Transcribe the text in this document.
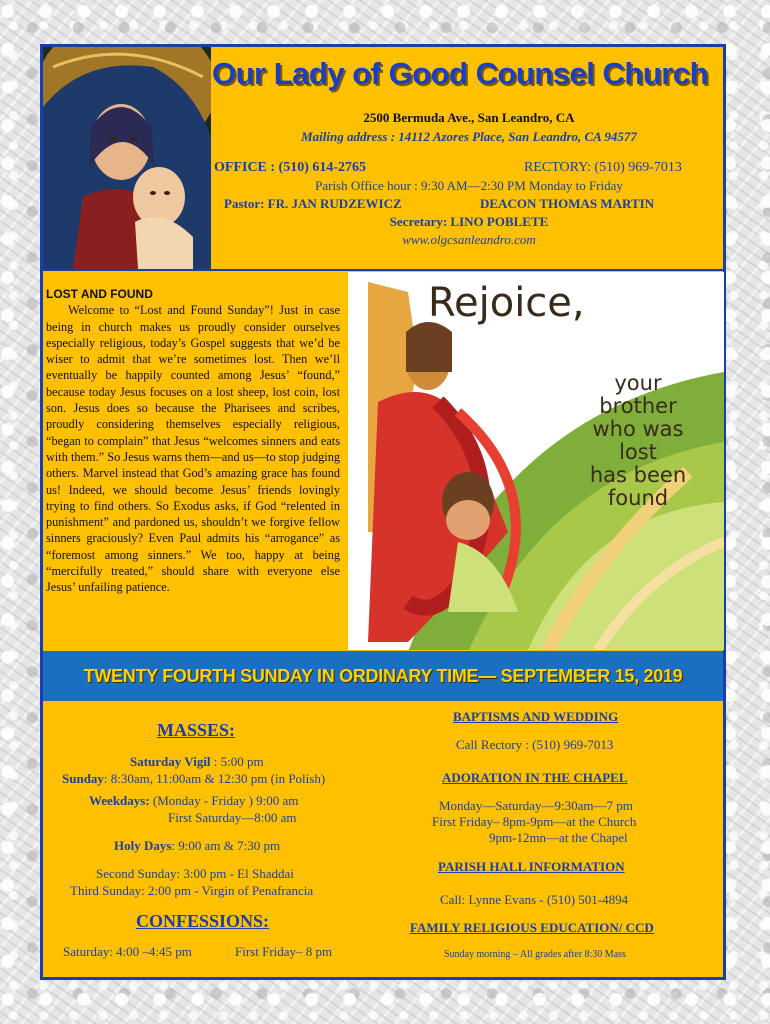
Our Lady of Good Counsel Church
2500 Bermuda Ave., San Leandro, CA
Mailing address : 14112 Azores Place, San Leandro, CA 94577
OFFICE : (510) 614-2765	RECTORY: (510) 969-7013
Parish Office hour : 9:30 AM—2:30 PM Monday to Friday
Pastor: FR. JAN RUDZEWICZ	DEACON THOMAS MARTIN
Secretary: LINO POBLETE
www.olgcsanleandro.com
LOST AND FOUND

Welcome to “Lost and Found Sunday”! Just in case being in church makes us proudly consider ourselves especially religious, today’s Gospel suggests that we’d be wiser to admit that we’re sometimes lost. Then we’ll eventually be happily counted among Jesus’ “found,” because today Jesus focuses on a lost sheep, lost coin, lost son. Jesus does so because the Pharisees and scribes, proudly considering themselves especially religious, “began to complain” that Jesus “welcomes sinners and eats with them.” So Jesus warns them—and us—to stop judging others. Marvel instead that God’s amazing grace has found us! Indeed, we should become Jesus’ friends lovingly trying to find others. So Exodus asks, if God “relented in punishment” and pardoned us, shouldn’t we forgive fellow sinners graciously? Even Paul admits his “arrogance” as “foremost among sinners.” We too, happy at being “mercifully treated,” should share with everyone else Jesus’ unfailing patience.

Rejoice,
your
brother
who was
lost
has been
found
TWENTY FOURTH SUNDAY IN ORDINARY TIME— SEPTEMBER 15, 2019
MASSES:
Saturday Vigil : 5:00 pm
Sunday: 8:30am, 11:00am & 12:30 pm (in Polish)
Weekdays: (Monday - Friday ) 9:00 am
First Saturday—8:00 am
Holy Days: 9:00 am & 7:30 pm
Second Sunday: 3:00 pm - El Shaddai
Third Sunday: 2:00 pm - Virgin of Penafrancia
CONFESSIONS:
Saturday: 4:00 –4:45 pm	First Friday– 8 pm
BAPTISMS AND WEDDING
Call Rectory : (510) 969-7013
ADORATION IN THE CHAPEL
Monday—Saturday—9:30am—7 pm
First Friday– 8pm-9pm—at the Church
9pm-12mn—at the Chapel
PARISH HALL INFORMATION
Call: Lynne Evans - (510) 501-4894
FAMILY RELIGIOUS EDUCATION/ CCD
Sunday morning – All grades after 8:30 Mass
